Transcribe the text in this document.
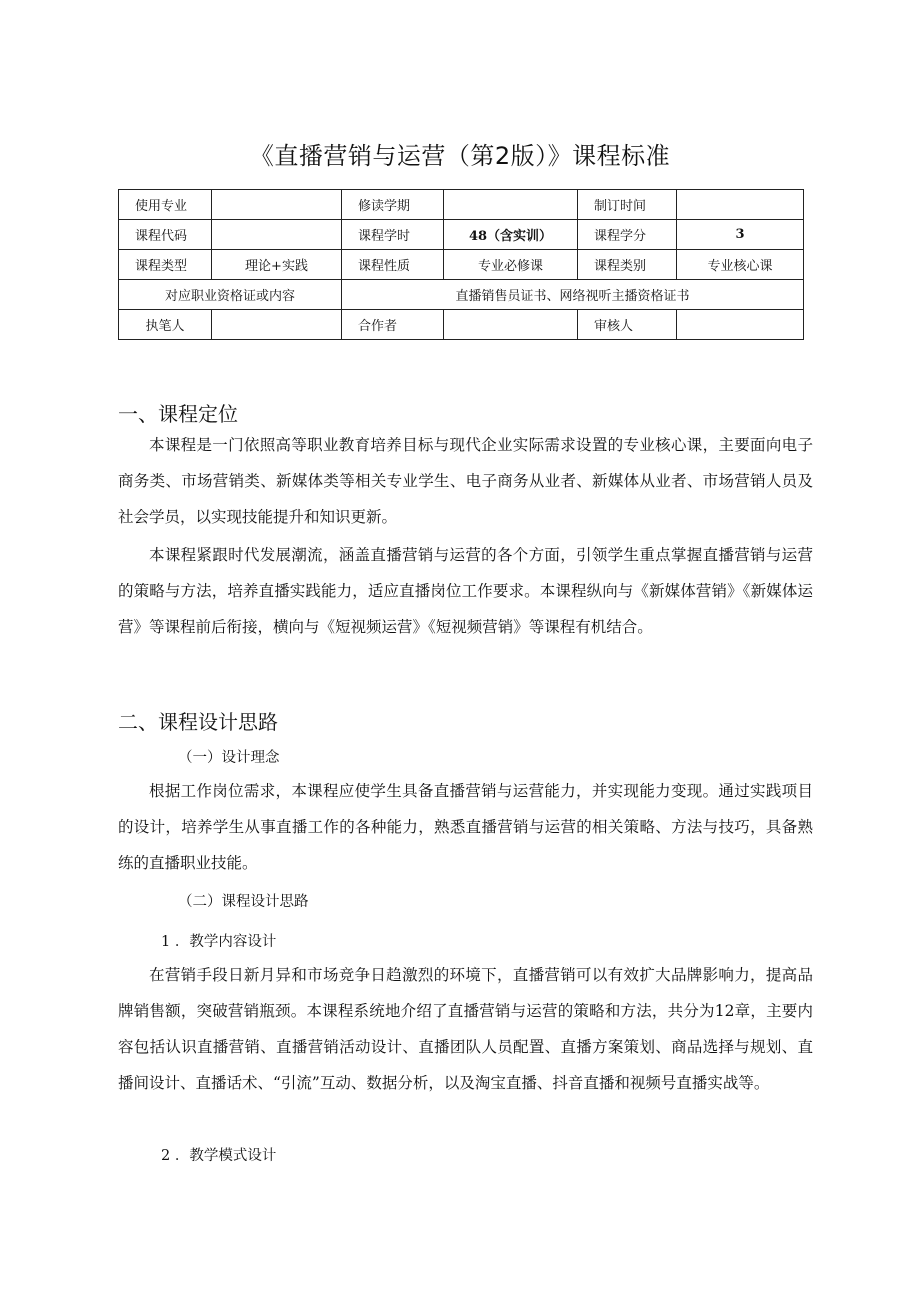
《直播营销与运营（第2版）》课程标准
使用专业		修读学期		制订时间	
课程代码		课程学时	48（含实训）	课程学分	3
课程类型	理论+实践	课程性质	专业必修课	课程类别	专业核心课
对应职业资格证或内容		直播销售员证书、网络视听主播资格证书			
执笔人		合作者		审核人	
一、课程定位
本课程是一门依照高等职业教育培养目标与现代企业实际需求设置的专业核心课，主要面向电子商务类、市场营销类、新媒体类等相关专业学生、电子商务从业者、新媒体从业者、市场营销人员及社会学员，以实现技能提升和知识更新。
本课程紧跟时代发展潮流，涵盖直播营销与运营的各个方面，引领学生重点掌握直播营销与运营的策略与方法，培养直播实践能力，适应直播岗位工作要求。本课程纵向与《新媒体营销》《新媒体运营》等课程前后衔接，横向与《短视频运营》《短视频营销》等课程有机结合。
二、课程设计思路
（一）设计理念
根据工作岗位需求，本课程应使学生具备直播营销与运营能力，并实现能力变现。通过实践项目的设计，培养学生从事直播工作的各种能力，熟悉直播营销与运营的相关策略、方法与技巧，具备熟练的直播职业技能。
（二）课程设计思路
1 ．教学内容设计
在营销手段日新月异和市场竞争日趋激烈的环境下，直播营销可以有效扩大品牌影响力，提高品牌销售额，突破营销瓶颈。本课程系统地介绍了直播营销与运营的策略和方法，共分为12章，主要内容包括认识直播营销、直播营销活动设计、直播团队人员配置、直播方案策划、商品选择与规划、直播间设计、直播话术、“引流”互动、数据分析，以及淘宝直播、抖音直播和视频号直播实战等。
2 ．教学模式设计
